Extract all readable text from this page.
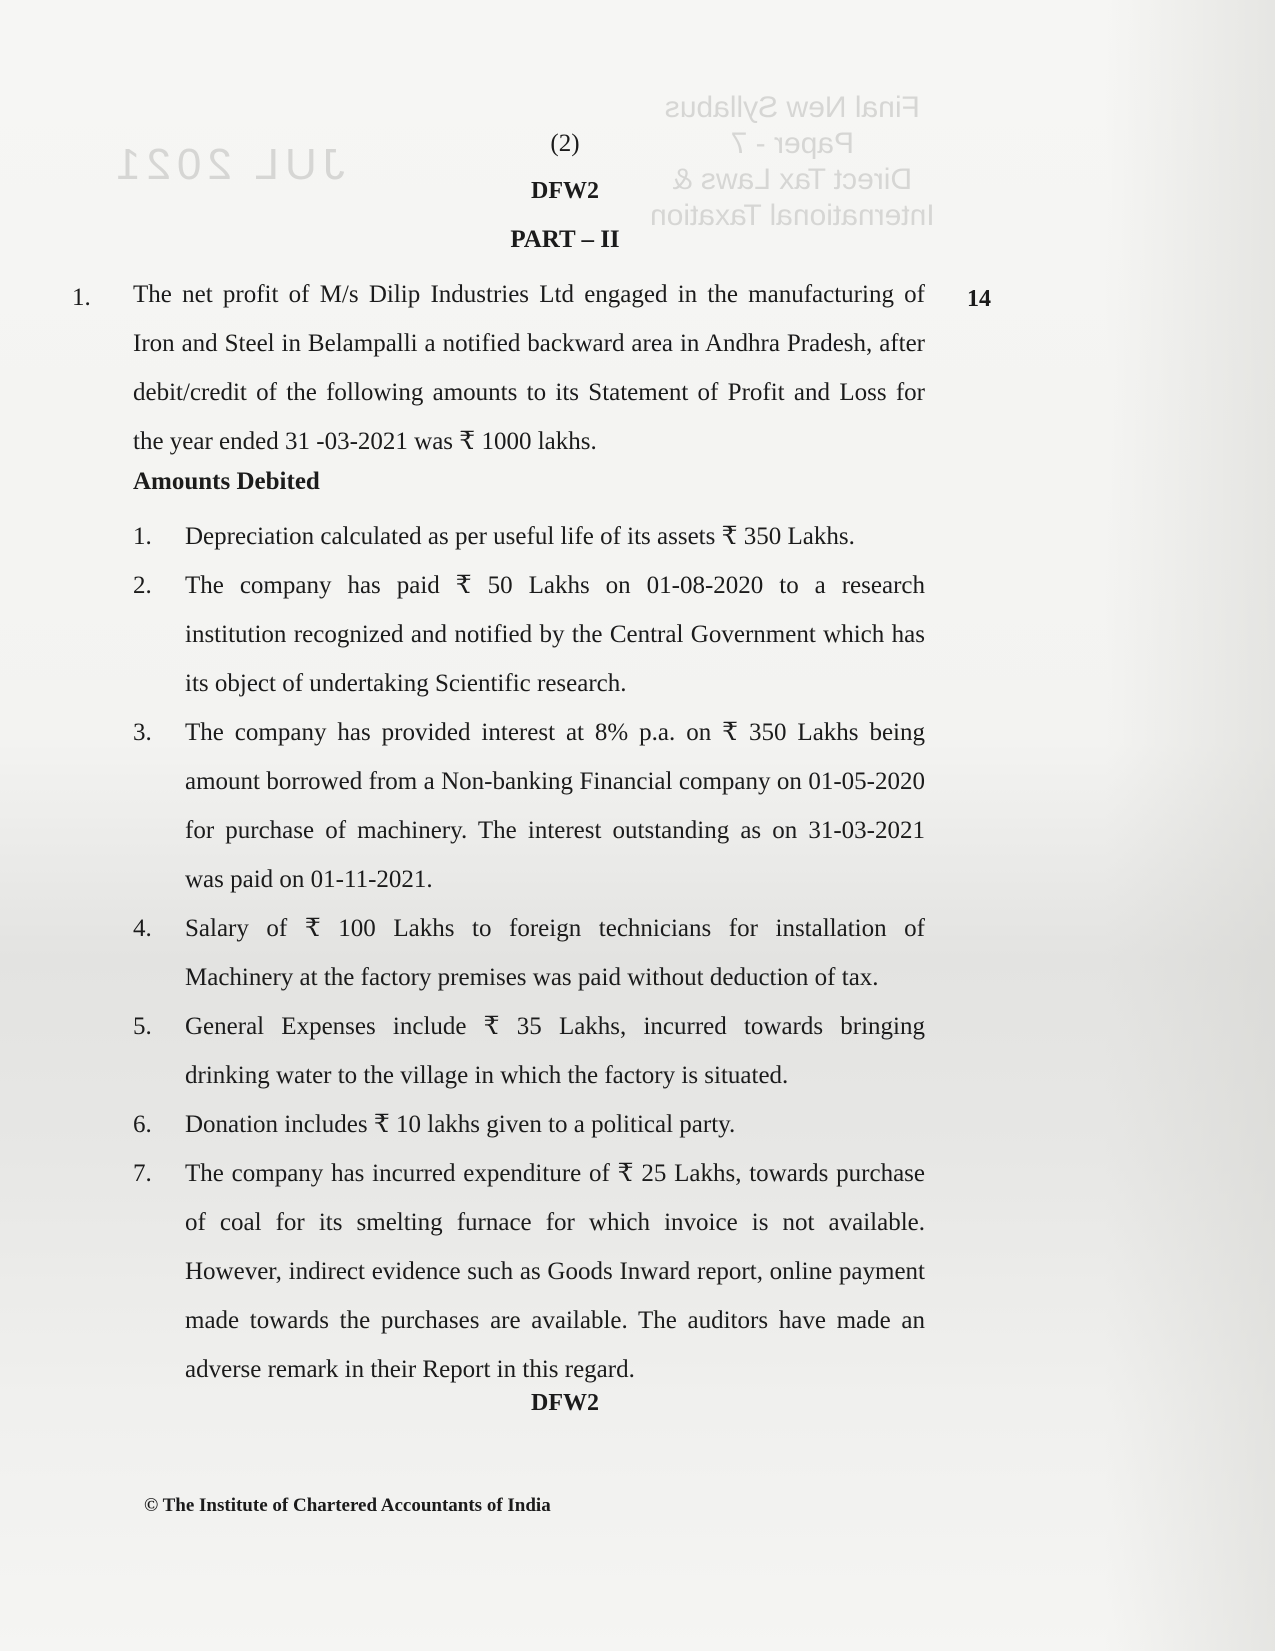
Final New Syllabus
Paper - 7
Direct Tax Laws &
International Taxation
JUL 2021	(2)
DFW2
PART – II
1.	14
The net profit of M/s Dilip Industries Ltd engaged in the manufacturing of Iron and Steel in Belampalli a notified backward area in Andhra Pradesh, after debit/credit of the following amounts to its Statement of Profit and Loss for the year ended 31 -03-2021 was ₹ 1000 lakhs.
Amounts Debited
1. Depreciation calculated as per useful life of its assets ₹ 350 Lakhs.
2. The company has paid ₹ 50 Lakhs on 01-08-2020 to a research institution recognized and notified by the Central Government which has its object of undertaking Scientific research.
3. The company has provided interest at 8% p.a. on ₹ 350 Lakhs being amount borrowed from a Non-banking Financial company on 01-05-2020 for purchase of machinery. The interest outstanding as on 31-03-2021 was paid on 01-11-2021.
4. Salary of ₹ 100 Lakhs to foreign technicians for installation of Machinery at the factory premises was paid without deduction of tax.
5. General Expenses include ₹ 35 Lakhs, incurred towards bringing drinking water to the village in which the factory is situated.
6. Donation includes ₹ 10 lakhs given to a political party.
7. The company has incurred expenditure of ₹ 25 Lakhs, towards purchase of coal for its smelting furnace for which invoice is not available. However, indirect evidence such as Goods Inward report, online payment made towards the purchases are available. The auditors have made an adverse remark in their Report in this regard.
DFW2
© The Institute of Chartered Accountants of India
